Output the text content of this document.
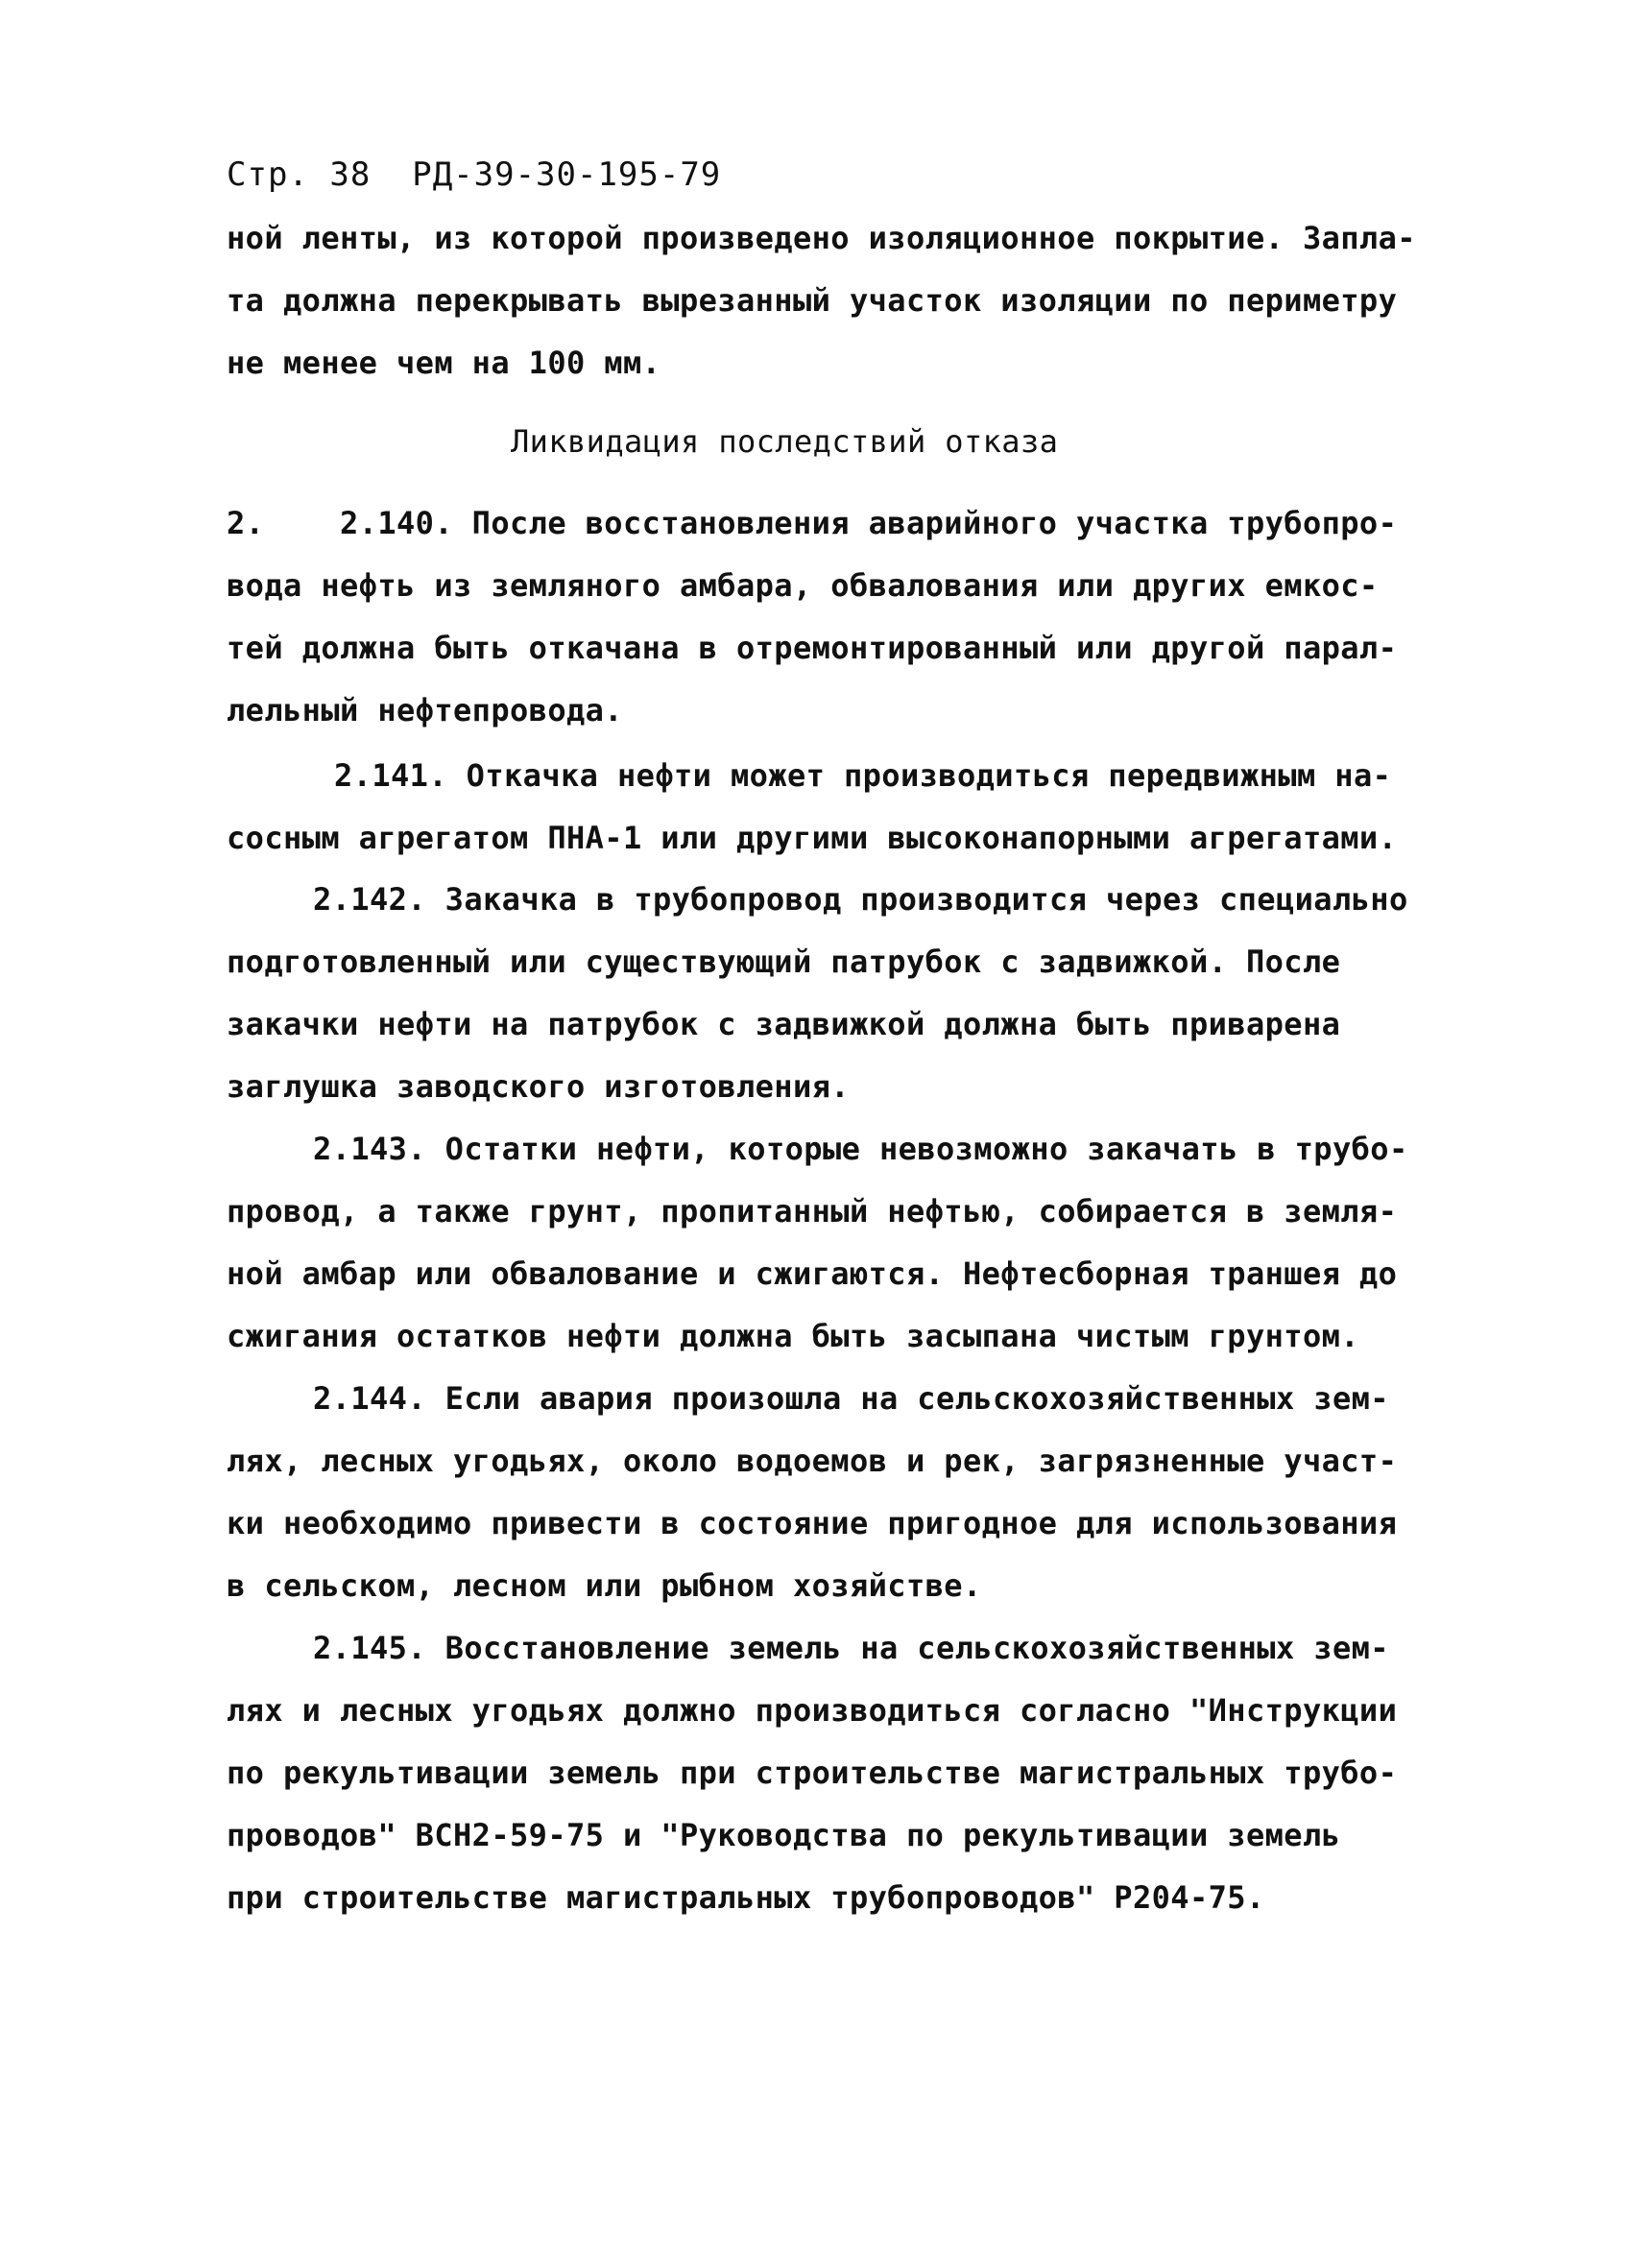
Стр. 38  РД-39-30-195-79
ной ленты, из которой произведено изоляционное покрытие. Запла-
та должна перекрывать вырезанный участок изоляции по периметру
не менее чем на 100 мм.
Ликвидация последствий отказа
2.    2.140. После восстановления аварийного участка трубопро-
вода нефть из земляного амбара, обвалования или других емкос-
тей должна быть откачана в отремонтированный или другой парал-
лельный нефтепровода.
2.141. Откачка нефти может производиться передвижным на-
сосным агрегатом ПНА-1 или другими высоконапорными агрегатами.
2.142. Закачка в трубопровод производится через специально
подготовленный или существующий патрубок с задвижкой. После
закачки нефти на патрубок с задвижкой должна быть приварена
заглушка заводского изготовления.
2.143. Остатки нефти, которые невозможно закачать в трубо-
провод, а также грунт, пропитанный нефтью, собирается в земля-
ной амбар или обвалование и сжигаются. Нефтесборная траншея до
сжигания остатков нефти должна быть засыпана чистым грунтом.
2.144. Если авария произошла на сельскохозяйственных зем-
лях, лесных угодьях, около водоемов и рек, загрязненные участ-
ки необходимо привести в состояние пригодное для использования
в сельском, лесном или рыбном хозяйстве.
2.145. Восстановление земель на сельскохозяйственных зем-
лях и лесных угодьях должно производиться согласно "Инструкции
по рекультивации земель при строительстве магистральных трубо-
проводов" ВСН2-59-75 и "Руководства по рекультивации земель
при строительстве магистральных трубопроводов" Р204-75.
